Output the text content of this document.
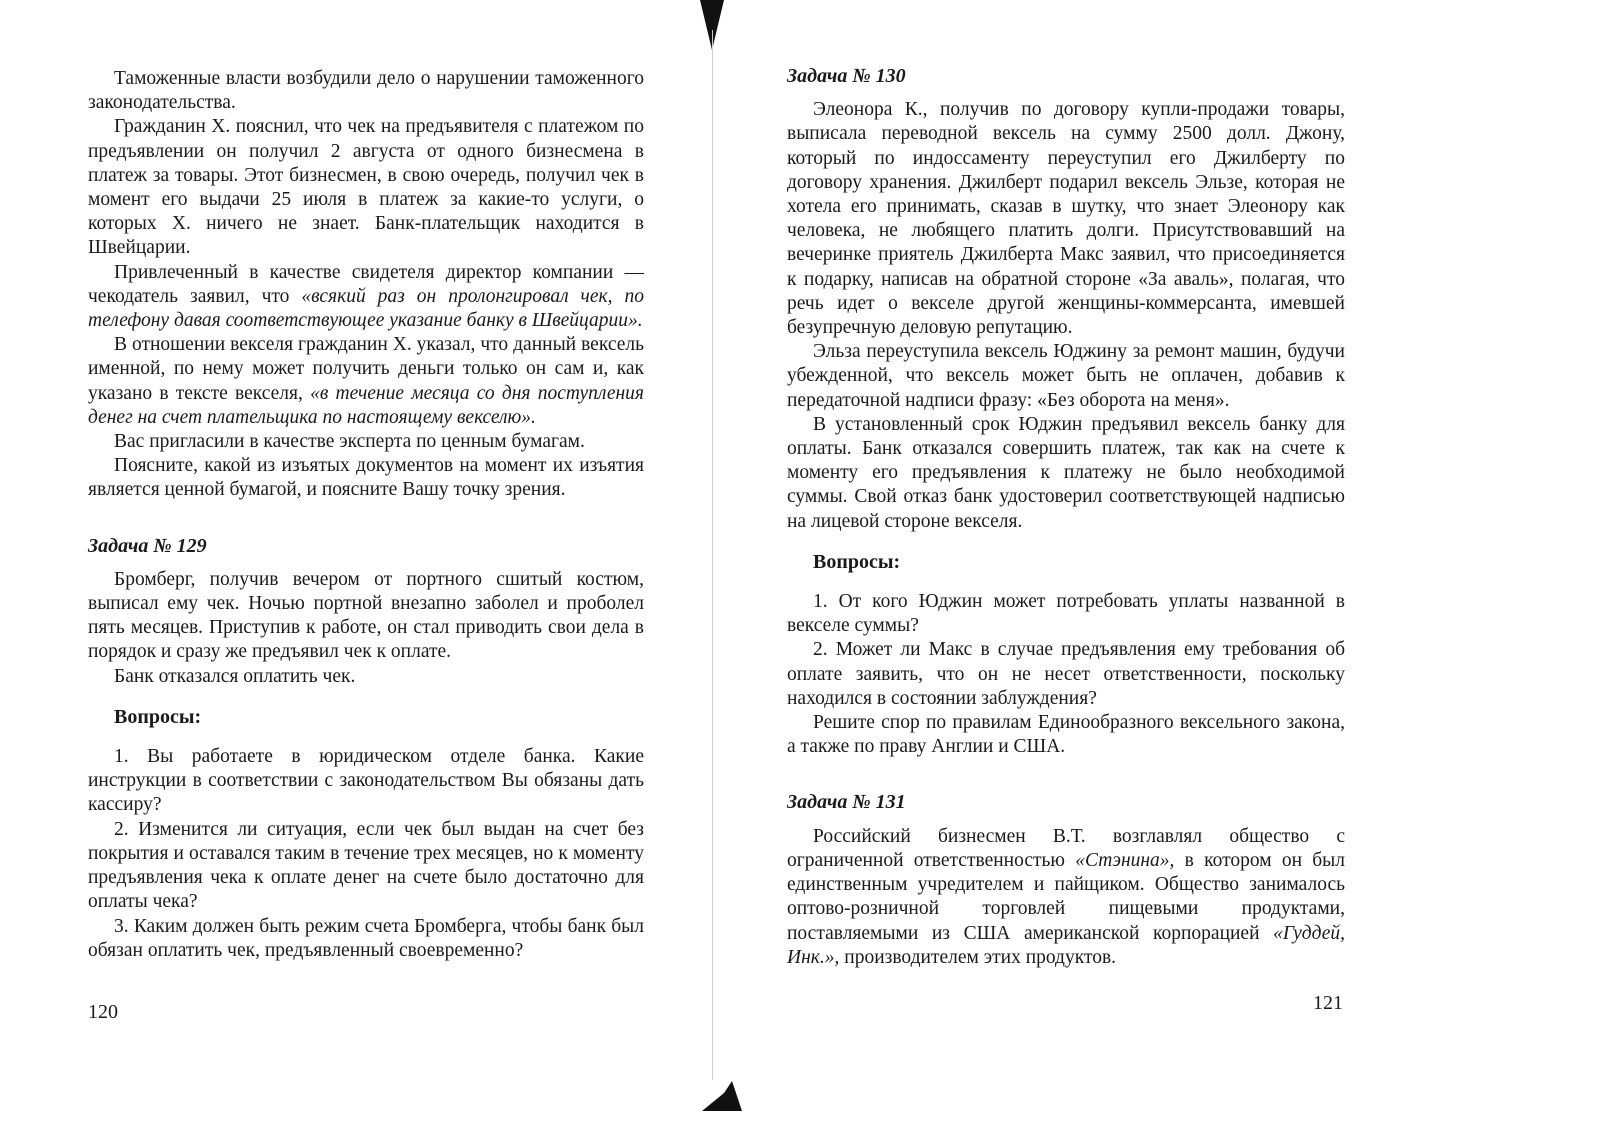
Таможенные власти возбудили дело о нарушении таможенного законодательства.

Гражданин X. пояснил, что чек на предъявителя с платежом по предъявлении он получил 2 августа от одного бизнесмена в платеж за товары. Этот бизнесмен, в свою очередь, получил чек в момент его выдачи 25 июля в платеж за какие-то услуги, о которых X. ничего не знает. Банк-плательщик находится в Швейцарии.

Привлеченный в качестве свидетеля директор компании — чекодатель заявил, что «всякий раз он пролонгировал чек, по телефону давая соответствующее указание банку в Швейцарии».

В отношении векселя гражданин X. указал, что данный вексель именной, по нему может получить деньги только он сам и, как указано в тексте векселя, «в течение месяца со дня поступления денег на счет плательщика по настоящему векселю».

Вас пригласили в качестве эксперта по ценным бумагам.

Поясните, какой из изъятых документов на момент их изъятия является ценной бумагой, и поясните Вашу точку зрения.

Задача № 129

Бромберг, получив вечером от портного сшитый костюм, выписал ему чек. Ночью портной внезапно заболел и проболел пять месяцев. Приступив к работе, он стал приводить свои дела в порядок и сразу же предъявил чек к оплате.

Банк отказался оплатить чек.

Вопросы:

1. Вы работаете в юридическом отделе банка. Какие инструкции в соответствии с законодательством Вы обязаны дать кассиру?

2. Изменится ли ситуация, если чек был выдан на счет без покрытия и оставался таким в течение трех месяцев, но к моменту предъявления чека к оплате денег на счете было достаточно для оплаты чека?

3. Каким должен быть режим счета Бромберга, чтобы банк был обязан оплатить чек, предъявленный своевременно?

120

Задача № 130

Элеонора К., получив по договору купли-продажи товары, выписала переводной вексель на сумму 2500 долл. Джону, который по индоссаменту переуступил его Джилберту по договору хранения. Джилберт подарил вексель Эльзе, которая не хотела его принимать, сказав в шутку, что знает Элеонору как человека, не любящего платить долги. Присутствовавший на вечеринке приятель Джилберта Макс заявил, что присоединяется к подарку, написав на обратной стороне «За аваль», полагая, что речь идет о векселе другой женщины-коммерсанта, имевшей безупречную деловую репутацию.

Эльза переуступила вексель Юджину за ремонт машин, будучи убежденной, что вексель может быть не оплачен, добавив к передаточной надписи фразу: «Без оборота на меня».

В установленный срок Юджин предъявил вексель банку для оплаты. Банк отказался совершить платеж, так как на счете к моменту его предъявления к платежу не было необходимой суммы. Свой отказ банк удостоверил соответствующей надписью на лицевой стороне векселя.

Вопросы:

1. От кого Юджин может потребовать уплаты названной в векселе суммы?

2. Может ли Макс в случае предъявления ему требования об оплате заявить, что он не несет ответственности, поскольку находился в состоянии заблуждения?

Решите спор по правилам Единообразного вексельного закона, а также по праву Англии и США.

Задача № 131

Российский бизнесмен В.Т. возглавлял общество с ограниченной ответственностью «Стэнина», в котором он был единственным учредителем и пайщиком. Общество занималось оптово-розничной торговлей пищевыми продуктами, поставляемыми из США американской корпорацией «Гуддей, Инк.», производителем этих продуктов.

121
